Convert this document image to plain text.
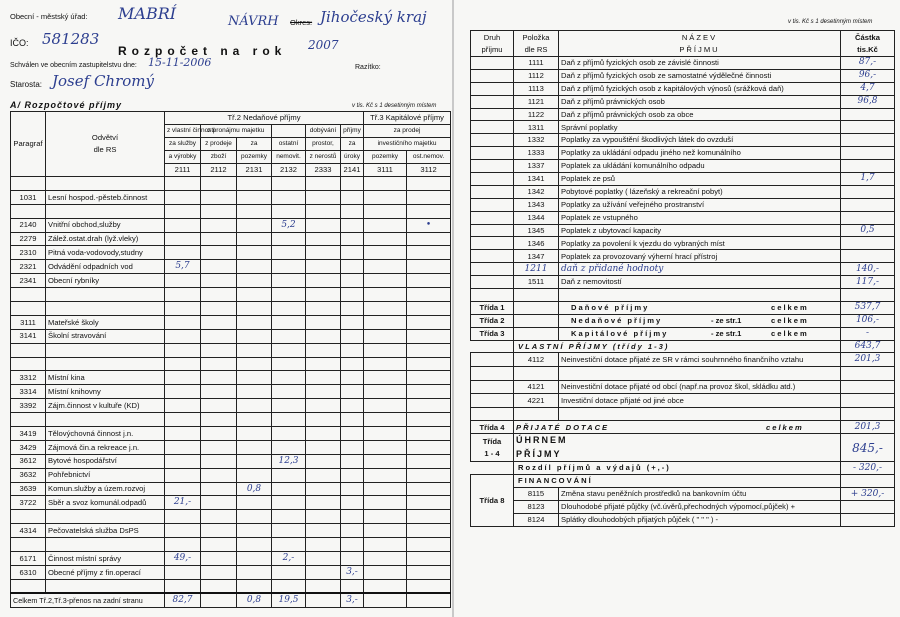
Obecní - městský úřad: MABRÍ	NÁVRH Okres: Jihočeský kraj
IČO: 581283
Rozpočet na rok 2007
Schválen ve obecním zastupitelstvu dne: 15-11-2006	Razítko:
Starosta: Josef Chromý
A/ Rozpočtové příjmy	v tis. Kč s 1 desetinným místem
Paragraf	Odvětví
dle RS	Tř.2 Nedaňové příjmy						Tř.3 Kapitálové příjmy	
		z vlastní činnosti	z pronájmu majetku			dobývání	příjmy	za prodej	
		za služby	z prodeje	za	ostatní	prostor,	za	investičního majetku	
		a výrobky	zboží	pozemky	nemovit.	z nerostů	úroky	pozemky	ost.nemov.
		2111	2112	2131	2132	2333	2141	3111	3112

1031	Lesní hospod.-pěsteb.činnost								

2140	Vnitřní obchod,služby				5,2				•
2279	Zálež.ostat.drah (lyž.vleky)								
2310	Pitná voda-vodovody,studny								
2321	Odvádění odpadních vod	5,7							
2341	Obecní rybníky								

3111	Mateřské školy								
3141	Školní stravování								

3312	Místní kina								
3314	Místní knihovny								
3392	Zájm.činnost v kultuře (KD)								

3419	Tělovýchovná činnost j.n.								
3429	Zájmová čin.a rekreace j.n.								
3612	Bytové hospodářství				12,3				
3632	Pohřebnictví								
3639	Komun.služby a územ.rozvoj			0,8					
3722	Sběr a svoz komunál.odpadů	21,-							

4314	Pečovatelská služba DsPS								

6171	Činnost místní správy	49,-			2,-				
6310	Obecné příjmy z fin.operací						3,-		

Celkem Tř.2,Tř.3-přenos na zadní stranu		82,7		0,8	19,5		3,-		
v tis. Kč s 1 desetinným místem
Druh
příjmu	Položka
dle RS	NÁZEV
PŘÍJMU	Částka
tis.Kč
	1111	Daň z příjmů fyzických osob ze závislé činnosti	87,-
	1112	Daň z příjmů fyzických osob ze samostatné výdělečné činnosti	96,-
	1113	Daň z příjmů fyzických osob z kapitálových výnosů (srážková daň)	4,7
	1121	Daň z příjmů právnických osob	96,8
	1122	Daň z příjmů právnických osob za obce	
	1311	Správní poplatky	
	1332	Poplatky za vypouštění škodlivých látek do ovzduší	
	1333	Poplatky za ukládání odpadu jiného než komunálního	
	1337	Poplatek za ukládání komunálního odpadu	
	1341	Poplatek ze psů	1,7
	1342	Pobytové poplatky ( lázeňský a rekreační pobyt)	
	1343	Poplatky za užívání veřejného prostranství	
	1344	Poplatek ze vstupného	
	1345	Poplatek z ubytovací kapacity	0,5
	1346	Poplatky za povolení k vjezdu do vybraných míst	
	1347	Poplatek za provozovaný výherní hrací přístroj	
	1211	daň z přidané hodnoty	140,-
	1511	Daň z nemovitostí	117,-

Třída 1		Daňové příjmy celkem	537,7
Třída 2		Nedaňové příjmy - ze str.1 celkem	106,-
Třída 3		Kapitálové příjmy - ze str.1 celkem	-
	VLASTNÍ PŘÍJMY (třídy 1-3)		643,7
	4112	Neinvestiční dotace přijaté ze SR v rámci souhrnného finančního vztahu	201,3

	4121	Neinvestiční dotace přijaté od obcí (např.na provoz škol, skládku atd.)	
	4221	Investiční dotace přijaté od jiné obce	

Třída 4	PŘIJATÉ DOTACE celkem		201,3
Třída
1 - 4	ÚHRNEM
PŘÍJMY		845,-
	Rozdíl příjmů a výdajů (+,-)		- 320,-
Třída 8	FINANCOVÁNÍ		
	8115	Změna stavu peněžních prostředků na bankovním účtu	+ 320,-
	8123	Dlouhodobé přijaté půjčky (vč.úvěrů,přechodných výpomocí,půjček) +	
	8124	Splátky dlouhodobých přijatých půjček ( " " " ) -	
